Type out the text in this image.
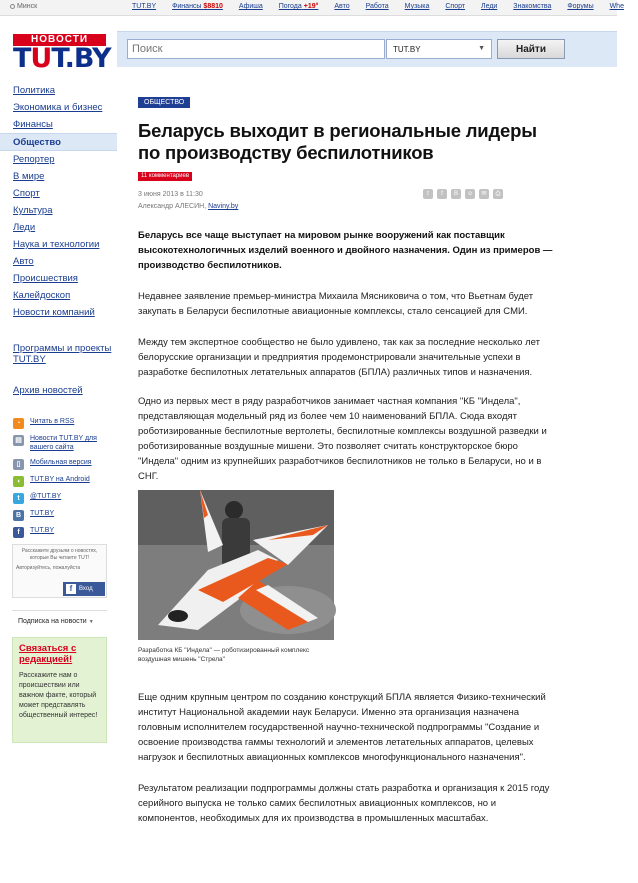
Минск	TUT.BY Финансы $8810 Афиша Погода +19° Авто Работа Музыка Спорт Леди Знакомства Форумы Whe
НОВОСТИ
TUT.BY
Поиск	TUT.BY	▼	Найти
Политика
Экономика и бизнес
Финансы
Общество
Репортер
В мире
Спорт
Культура
Леди
Наука и технологии
Авто
Происшествия
Калейдоскоп
Новости компаний
Программы и проекты TUT.BY
Архив новостей
◔	Читать в RSS
▤	Новости TUT.BY для вашего сайта
▯	Мобильная версия
◖	TUT.BY на Android
t	@TUT.BY
B	TUT.BY
f	TUT.BY
Расскажите друзьям о новостях, которые Вы читаете TUT!
Авторизуйтесь, пожалуйста
f	Вход
Подписка на новости ▼
Связаться с редакцией!
Расскажите нам о происшествии или важном факте, который может представлять общественный интерес!
ОБЩЕСТВО
Беларусь выходит в региональные лидеры по производству беспилотников
11 комментариев
3 июня 2013 в 11:30
Александр АЛЕСИН, Naviny.by
t f B o ✉ ⎙

Беларусь все чаще выступает на мировом рынке вооружений как поставщик высокотехнологичных изделий военного и двойного назначения. Один из примеров — производство беспилотников.

Недавнее заявление премьер-министра Михаила Мясниковича о том, что Вьетнам будет закупать в Беларуси беспилотные авиационные комплексы, стало сенсацией для СМИ.

Между тем экспертное сообщество не было удивлено, так как за последние несколько лет белорусские организации и предприятия продемонстрировали значительные успехи в разработке беспилотных летательных аппаратов (БПЛА) различных типов и назначения.

Одно из первых мест в ряду разработчиков занимает частная компания "КБ "Индела", представляющая модельный ряд из более чем 10 наименований БПЛА. Сюда входят роботизированные беспилотные вертолеты, беспилотные комплексы воздушной разведки и роботизированные воздушные мишени. Это позволяет считать конструкторское бюро "Индела" одним из крупнейших разработчиков беспилотников не только в Беларуси, но и в СНГ.

Разработка КБ "Индела" — роботизированный комплекс воздушная мишень "Стрела"

Еще одним крупным центром по созданию конструкций БПЛА является Физико-технический институт Национальной академии наук Беларуси. Именно эта организация назначена головным исполнителем государственной научно-технической подпрограммы "Создание и освоение производства гаммы технологий и элементов летательных аппаратов, целевых нагрузок и беспилотных авиационных комплексов многофункционального назначения".

Результатом реализации подпрограммы должны стать разработка и организация к 2015 году серийного выпуска не только самих беспилотных авиационных комплексов, но и компонентов, необходимых для их производства в промышленных масштабах.
